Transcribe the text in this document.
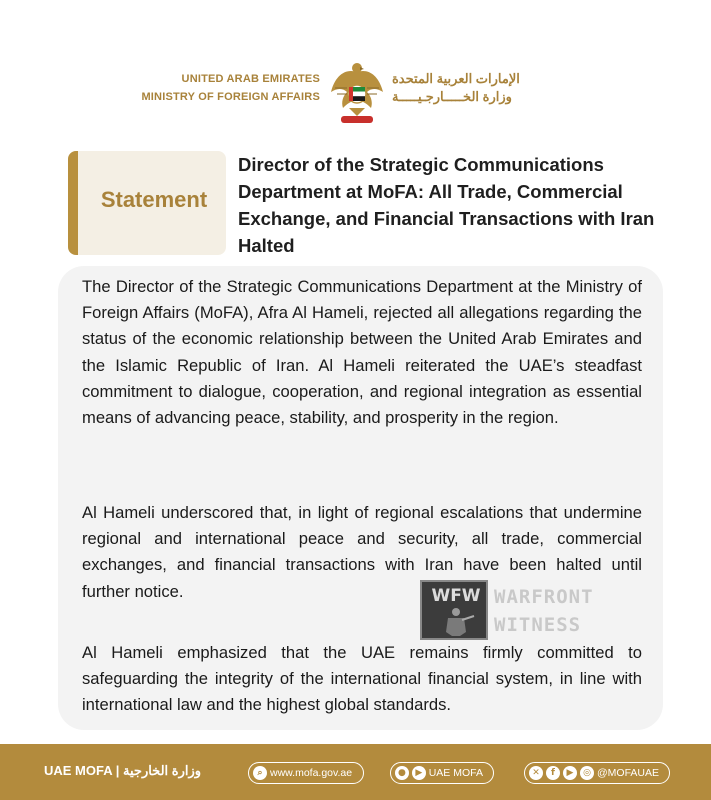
UNITED ARAB EMIRATES
MINISTRY OF FOREIGN AFFAIRS
الإمارات العربية المتحدة
وزارة الخـــــارجـيـــــة
Statement
Director of the Strategic Communications Department at MoFA: All Trade, Commercial Exchange, and Financial Transactions with Iran Halted
The Director of the Strategic Communications Department at the Ministry of Foreign Affairs (MoFA), Afra Al Hameli, rejected all allegations regarding the status of the economic relationship between the United Arab Emirates and the Islamic Republic of Iran. Al Hameli reiterated the UAE’s steadfast commitment to dialogue, cooperation, and regional integration as essential means of advancing peace, stability, and prosperity in the region.
Al Hameli underscored that, in light of regional escalations that undermine regional and international peace and security, all trade, commercial exchanges, and financial transactions with Iran have been halted until further notice.
Al Hameli emphasized that the UAE remains firmly committed to safeguarding the integrity of the international financial system, in line with international law and the highest global standards.
WFW WARFRONT
WITNESS
UAE MOFA | وزارة الخارجية	⌕ www.mofa.gov.ae	●	▶ UAE MOFA	✕	f	▶	◎ @MOFAUAE
